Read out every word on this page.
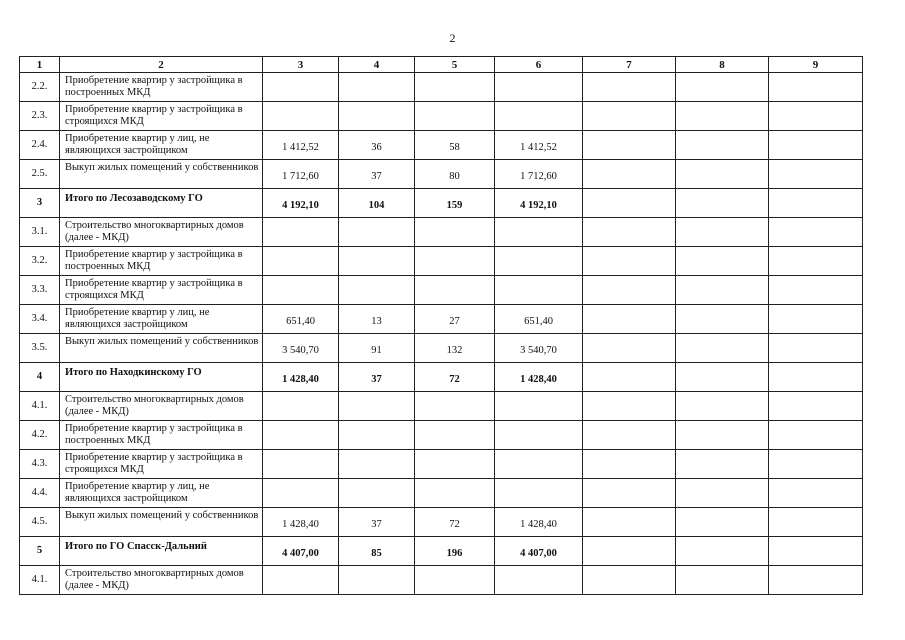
2
1	2	3	4	5	6	7	8	9
2.2.	Приобретение квартир у застройщика в построенных МКД							
2.3.	Приобретение квартир у застройщика в строящихся МКД							
2.4.	Приобретение квартир у лиц, не являющихся застройщиком	1 412,52	36	58	1 412,52			
2.5.	Выкуп жилых помещений у собственников	1 712,60	37	80	1 712,60			
3	Итого по Лесозаводскому ГО	4 192,10	104	159	4 192,10			
3.1.	Строительство многоквартирных домов (далее - МКД)							
3.2.	Приобретение квартир у застройщика в построенных МКД							
3.3.	Приобретение квартир у застройщика в строящихся МКД							
3.4.	Приобретение квартир у лиц, не являющихся застройщиком	651,40	13	27	651,40			
3.5.	Выкуп жилых помещений у собственников	3 540,70	91	132	3 540,70			
4	Итого по Находкинскому ГО	1 428,40	37	72	1 428,40			
4.1.	Строительство многоквартирных домов (далее - МКД)							
4.2.	Приобретение квартир у застройщика в построенных МКД							
4.3.	Приобретение квартир у застройщика в строящихся МКД							
4.4.	Приобретение квартир у лиц, не являющихся застройщиком							
4.5.	Выкуп жилых помещений у собственников	1 428,40	37	72	1 428,40			
5	Итого по ГО Спасск-Дальний	4 407,00	85	196	4 407,00			
4.1.	Строительство многоквартирных домов (далее - МКД)							
